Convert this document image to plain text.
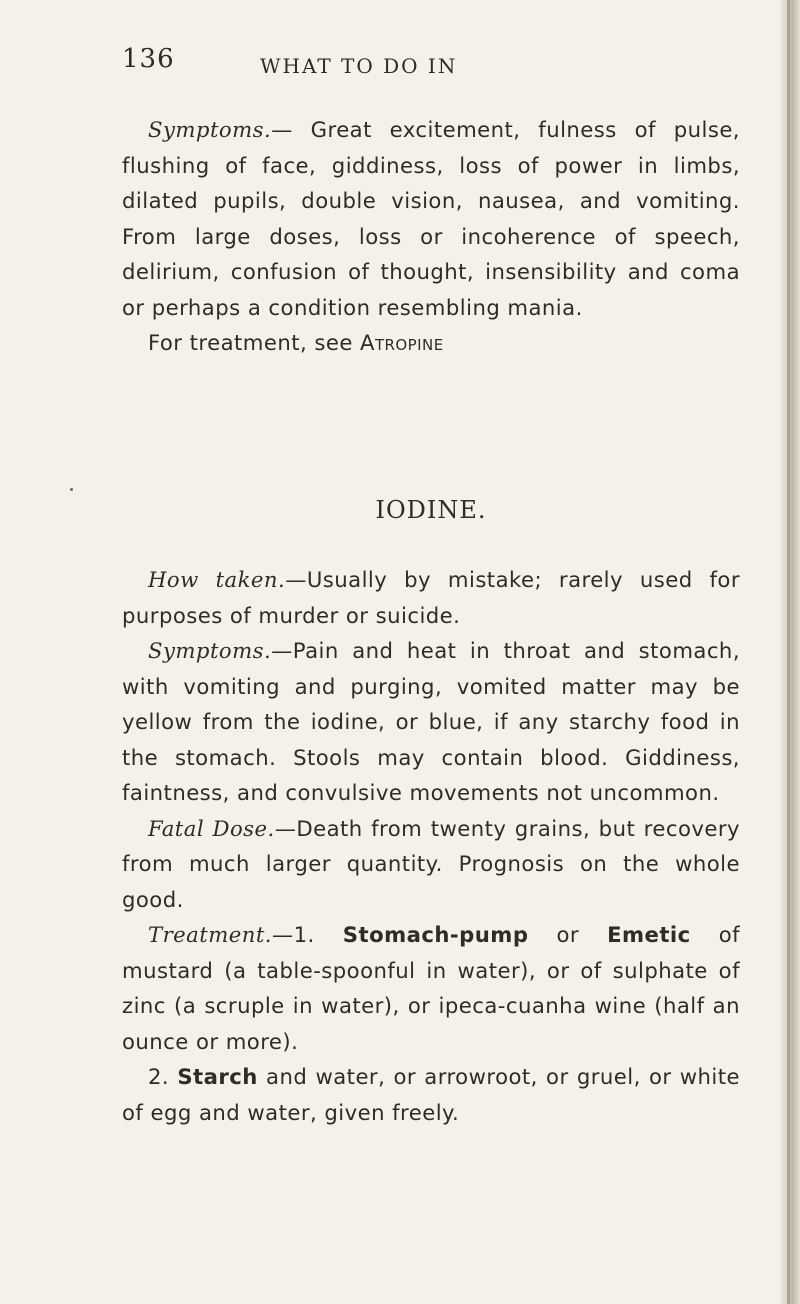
136	WHAT TO DO IN

Symptoms.— Great excitement, fulness of pulse, flushing of face, giddiness, loss of power in limbs, dilated pupils, double vision, nausea, and vomiting. From large doses, loss or incoherence of speech, delirium, confusion of thought, insensibility and coma or perhaps a condition resembling mania.

For treatment, see Atropine

IODINE.

How taken.—Usually by mistake; rarely used for purposes of murder or suicide.

Symptoms.—Pain and heat in throat and stomach, with vomiting and purging, vomited matter may be yellow from the iodine, or blue, if any starchy food in the stomach. Stools may contain blood. Giddiness, faintness, and convulsive movements not uncommon.

Fatal Dose.—Death from twenty grains, but recovery from much larger quantity. Prognosis on the whole good.

Treatment.—1. Stomach-pump or Emetic of mustard (a table-spoonful in water), or of sulphate of zinc (a scruple in water), or ipeca-cuanha wine (half an ounce or more).

2. Starch and water, or arrowroot, or gruel, or white of egg and water, given freely.
